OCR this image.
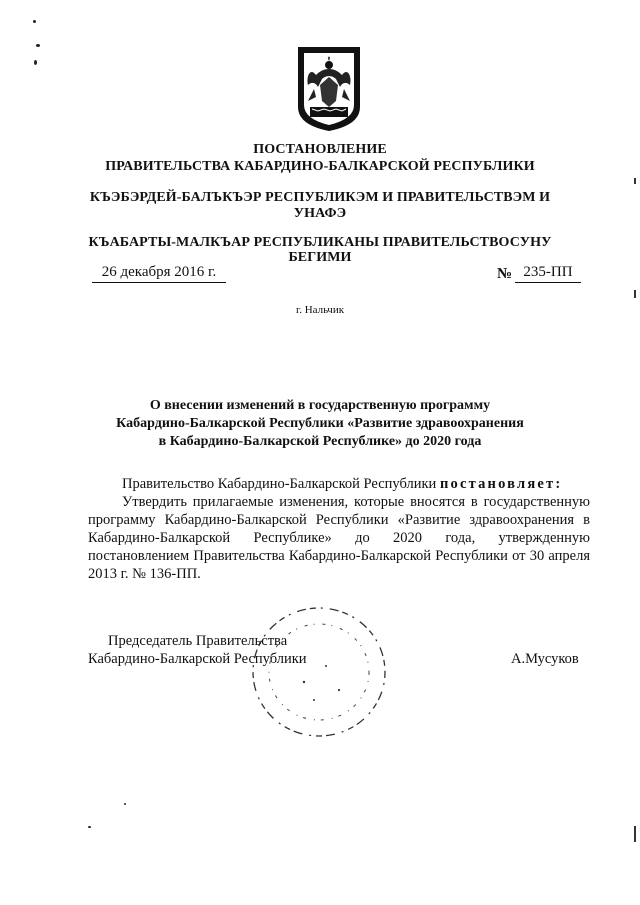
ПОСТАНОВЛЕНИЕ
ПРАВИТЕЛЬСТВА КАБАРДИНО-БАЛКАРСКОЙ РЕСПУБЛИКИ
КЪЭБЭРДЕЙ-БАЛЪКЪЭР РЕСПУБЛИКЭМ И ПРАВИТЕЛЬСТВЭМ И
УНАФЭ
КЪАБАРТЫ-МАЛКЪАР РЕСПУБЛИКАНЫ ПРАВИТЕЛЬСТВОСУНУ
БЕГИМИ
26 декабря 2016 г.	№ 235-ПП
г. Нальчик
О внесении изменений в государственную программу
Кабардино-Балкарской Республики «Развитие здравоохранения
в Кабардино-Балкарской Республике» до 2020 года
Правительство Кабардино-Балкарской Республики постановляет:
Утвердить прилагаемые изменения, которые вносятся в государственную программу Кабардино-Балкарской Республики «Развитие здравоохранения в Кабардино-Балкарской Республике» до 2020 года, утвержденную постановлением Правительства Кабардино-Балкарской Республики от 30 апреля 2013 г. № 136-ПП.
Председатель Правительства
Кабардино-Балкарской Республики	А.Мусуков
